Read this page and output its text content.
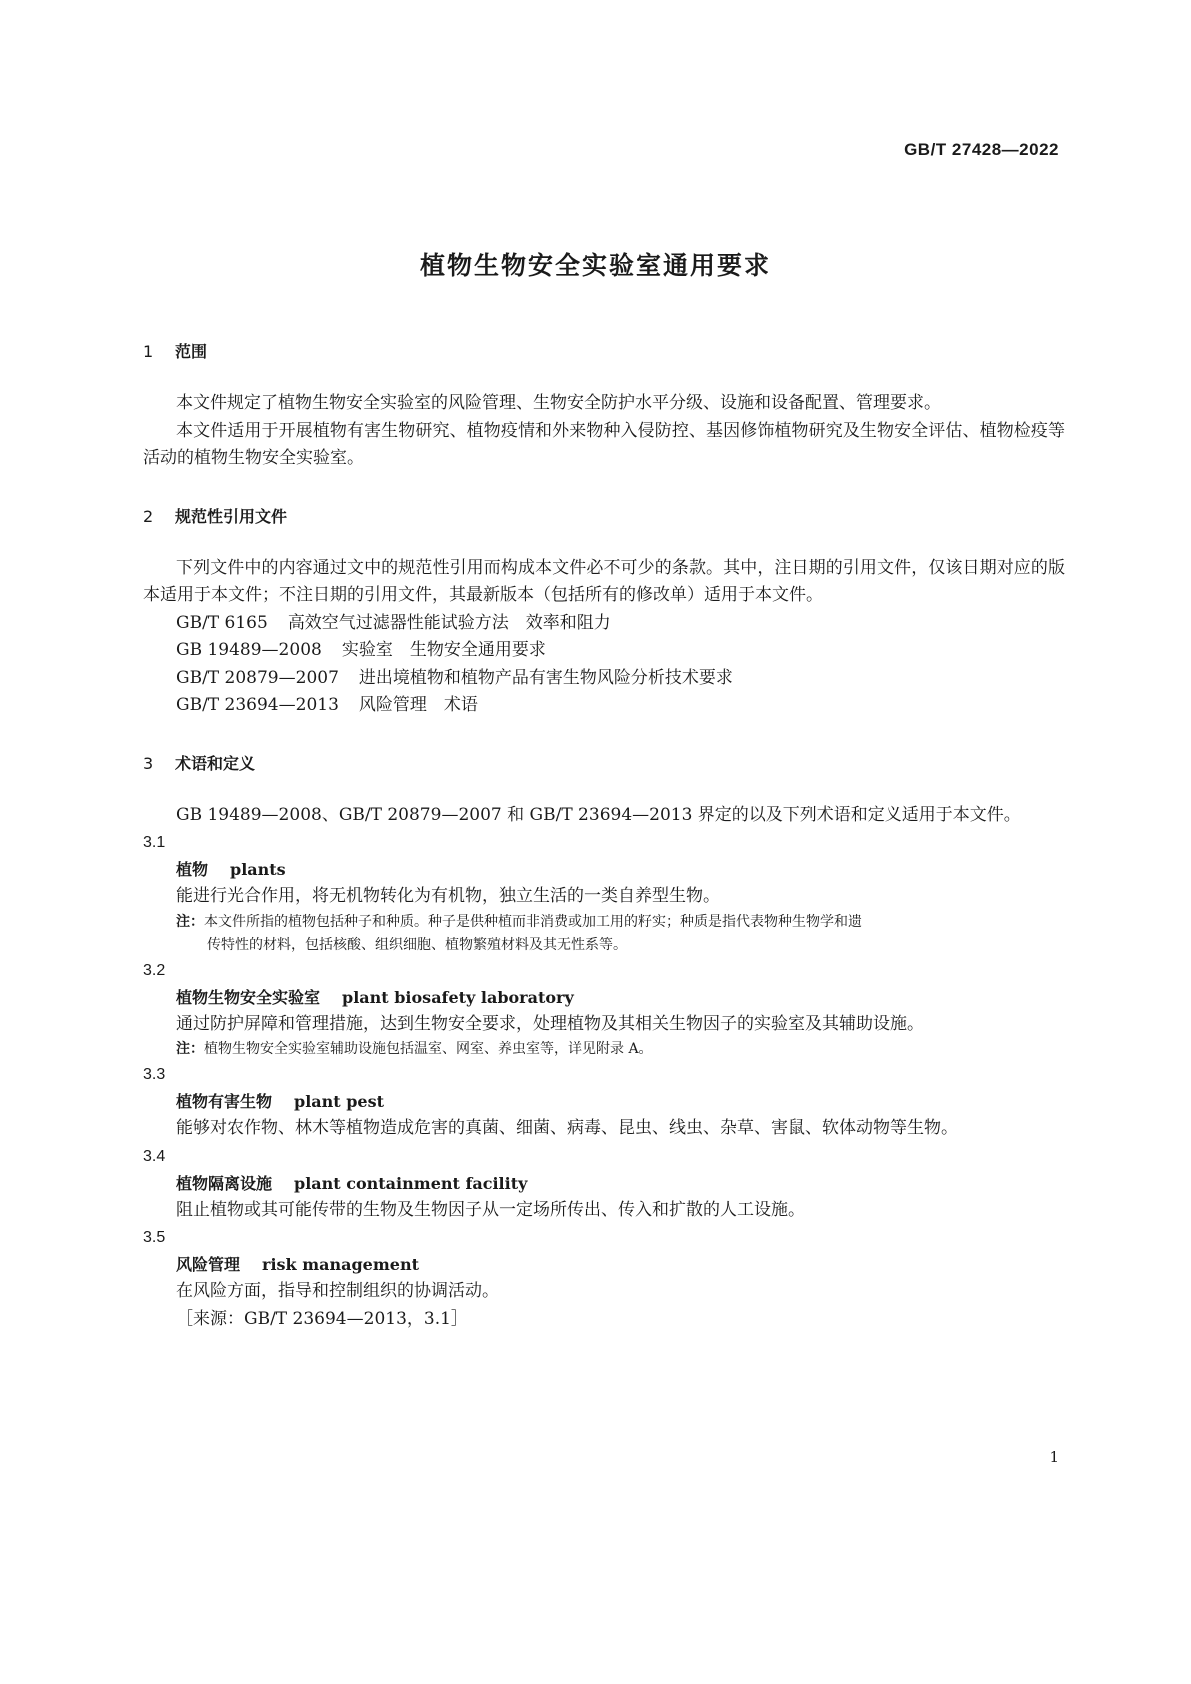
GB/T 27428—2022
植物生物安全实验室通用要求
1 范围

本文件规定了植物生物安全实验室的风险管理、生物安全防护水平分级、设施和设备配置、管理要求。

本文件适用于开展植物有害生物研究、植物疫情和外来物种入侵防控、基因修饰植物研究及生物安全评估、植物检疫等活动的植物生物安全实验室。

2 规范性引用文件

下列文件中的内容通过文中的规范性引用而构成本文件必不可少的条款。其中，注日期的引用文件，仅该日期对应的版本适用于本文件；不注日期的引用文件，其最新版本（包括所有的修改单）适用于本文件。

GB/T 6165 高效空气过滤器性能试验方法　效率和阻力

GB 19489—2008 实验室　生物安全通用要求

GB/T 20879—2007 进出境植物和植物产品有害生物风险分析技术要求

GB/T 23694—2013 风险管理　术语

3 术语和定义

GB 19489—2008、GB/T 20879—2007 和 GB/T 23694—2013 界定的以及下列术语和定义适用于本文件。

3.1
植物 plants

能进行光合作用，将无机物转化为有机物，独立生活的一类自养型生物。

注：本文件所指的植物包括种子和种质。种子是供种植而非消费或加工用的籽实；种质是指代表物种生物学和遗
传特性的材料，包括核酸、组织细胞、植物繁殖材料及其无性系等。
3.2
植物生物安全实验室 plant biosafety laboratory

通过防护屏障和管理措施，达到生物安全要求，处理植物及其相关生物因子的实验室及其辅助设施。

注：植物生物安全实验室辅助设施包括温室、网室、养虫室等，详见附录 A。
3.3
植物有害生物 plant pest

能够对农作物、林木等植物造成危害的真菌、细菌、病毒、昆虫、线虫、杂草、害鼠、软体动物等生物。

3.4
植物隔离设施 plant containment facility

阻止植物或其可能传带的生物及生物因子从一定场所传出、传入和扩散的人工设施。

3.5
风险管理 risk management

在风险方面，指导和控制组织的协调活动。

［来源：GB/T 23694—2013，3.1］

1
